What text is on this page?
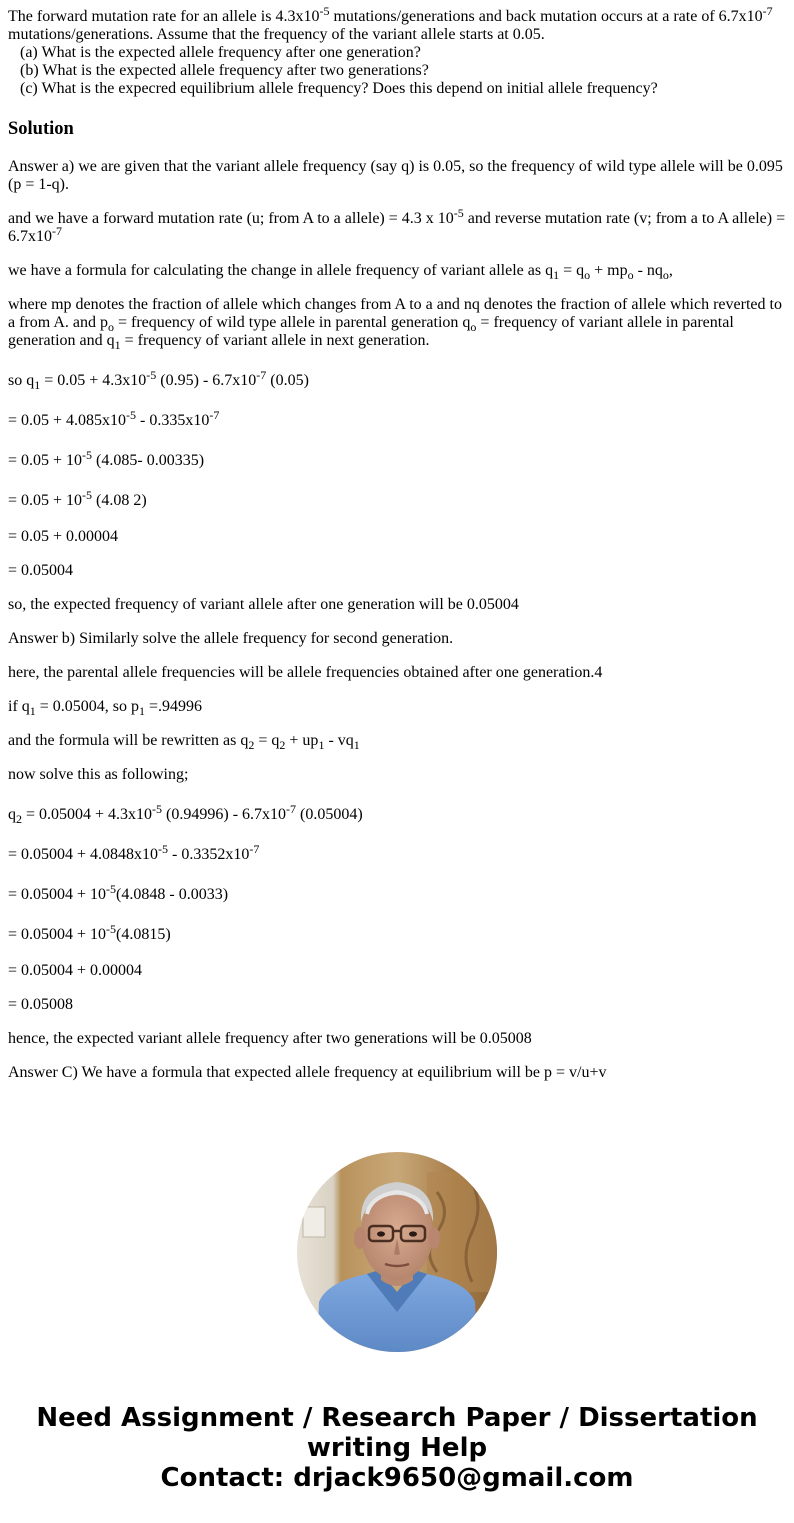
The forward mutation rate for an allele is $4.3x10^{-5}$ mutations/generations and back mutation occurs at a rate of $6.7x10^{-7}$ mutations/generations. Assume that the frequency of the variant allele starts at 0.05.
(a) What is the expected allele frequency after one generation?
(b) What is the expected allele frequency after two generations?
(c) What is the expecred equilibrium allele frequency? Does this depend on initial allele frequency?

Solution

Answer a) we are given that the variant allele frequency (say q) is 0.05, so the frequency of wild type allele will be 0.095 (p = 1-q).

and we have a forward mutation rate (u; from A to a allele) = 4.3 x $10^{-5}$ and reverse mutation rate (v; from a to A allele) = $6.7x10^{-7}$

we have a formula for calculating the change in allele frequency of variant allele as $q_1 = q_o + mp_o - nq_o$,

where mp denotes the fraction of allele which changes from A to a and nq denotes the fraction of allele which reverted to a from A. and $p_o$ = frequency of wild type allele in parental generation $q_o$ = frequency of variant allele in parental generation and $q_1$ = frequency of variant allele in next generation.

so $q_1 = 0.05 + 4.3x10^{-5}$ $(0.95) - 6.7x10^{-7}$ (0.05)

= $0.05 + 4.085x10^{-5} - 0.335x10^{-7}$

= $0.05 + 10^{-5}$ (4.085- 0.00335)

= $0.05 + 10^{-5}$ (4.08 2)

= 0.05 + 0.00004

= 0.05004

so, the expected frequency of variant allele after one generation will be 0.05004

Answer b) Similarly solve the allele frequency for second generation.

here, the parental allele frequencies will be allele frequencies obtained after one generation.4

if $q_1 = 0.05004$, so $p_1 =.94996$

and the formula will be rewritten as $q_2 = q_2 + up_1 - vq_1$

now solve this as following;

$q_2 = 0.05004 + 4.3x10^{-5}$ $(0.94996) - 6.7x10^{-7}$ (0.05004)

= $0.05004 + 4.0848x10^{-5} - 0.3352x10^{-7}$

= $0.05004 + 10^{-5}(4.0848 - 0.0033)$

= $0.05004 + 10^{-5}(4.0815)$

= 0.05004 + 0.00004

= 0.05008

hence, the expected variant allele frequency after two generations will be 0.05008

Answer C) We have a formula that expected allele frequency at equilibrium will be p = v/u+v

Need Assignment / Research Paper / Dissertation
writing Help
Contact: drjack9650@gmail.com
